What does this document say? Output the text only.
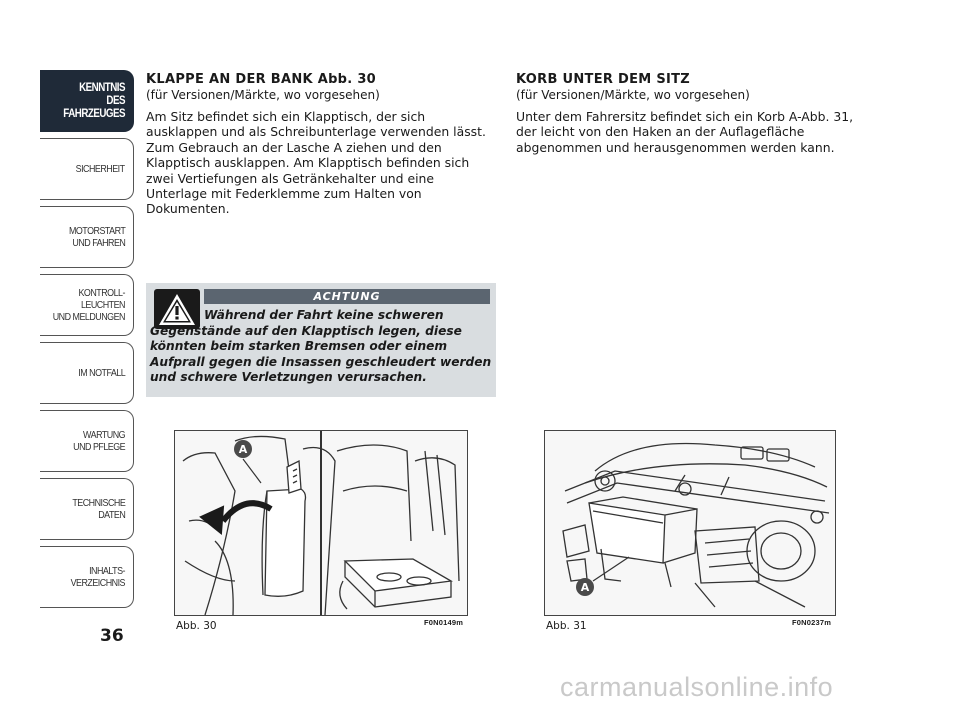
KENNTNIS
DES FAHRZEUGES
SICHERHEIT
MOTORSTART
UND FAHREN
KONTROLL-
LEUCHTEN
UND MELDUNGEN
IM NOTFALL
WARTUNG
UND PFLEGE
TECHNISCHE
DATEN
INHALTS-
VERZEICHNIS
36

KLAPPE AN DER BANK Abb. 30

(für Versionen/Märkte, wo vorgesehen)

Am Sitz befindet sich ein Klapptisch, der sich ausklappen und als Schreibunterlage verwenden lässt. Zum Gebrauch an der Lasche A ziehen und den Klapptisch ausklappen. Am Klapptisch befinden sich zwei Vertiefungen als Getränkehalter und eine Unterlage mit Federklemme zum Halten von Dokumenten.

KORB UNTER DEM SITZ

(für Versionen/Märkte, wo vorgesehen)

Unter dem Fahrersitz befindet sich ein Korb A-Abb. 31, der leicht von den Haken an der Auflagefläche abgenommen und herausgenommen werden kann.

ACHTUNG

Während der Fahrt keine schweren Gegenstände auf den Klapptisch legen, diese könnten beim starken Bremsen oder einem Aufprall gegen die Insassen geschleudert werden und schwere Verletzungen verursachen.

A
Abb. 30	F0N0149m
A
Abb. 31	F0N0237m
carmanualsonline.info
